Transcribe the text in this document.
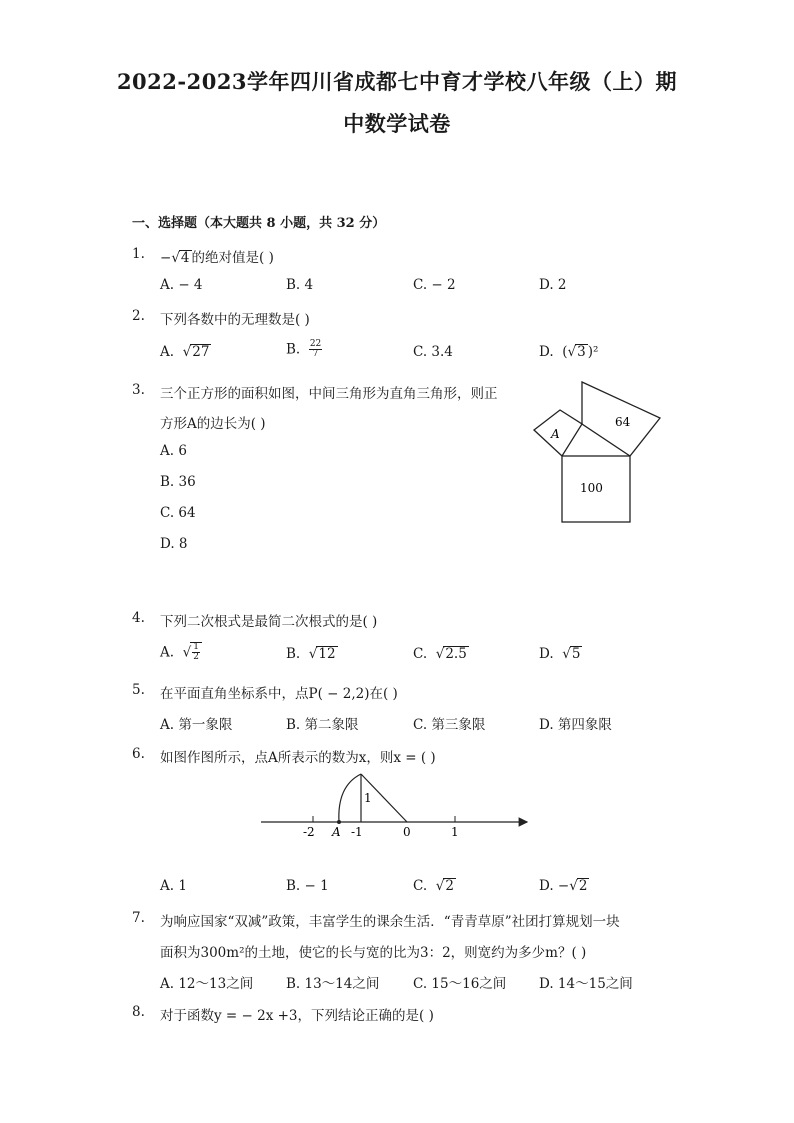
2022-2023学年四川省成都七中育才学校八年级（上）期
中数学试卷
一、选择题（本大题共 8 小题，共 32 分）
1. −√4 的绝对值是( )
A. − 4	B. 4	C. − 2	D. 2
2. 下列各数中的无理数是( )
A.  √27	B. $\frac{22}{7}$	C. 3.4	D. (√3 )²
3. 三个正方形的面积如图，中间三角形为直角三角形，则正
方形A的边长为( )
A. 6
B. 36
C. 64
D. 8
A
64
100
4. 下列二次根式是最简二次根式的是( )
A.  √ $\frac{1}{2}$	B.  √12	C.  √2.5	D.  √5
5. 在平面直角坐标系中，点P( − 2,2)在( )
A. 第一象限	B. 第二象限	C. 第三象限	D. 第四象限
6. 如图作图所示，点A所表示的数为x，则x = ( )
1
-2 A -1	0	1
A. 1	B. − 1	C.  √2	D. −√2
7. 为响应国家“双减”政策，丰富学生的课余生活．“青青草原”社团打算规划一块
面积为300m²的土地，使它的长与宽的比为3：2，则宽约为多少m？( )
A. 12～13之间 B. 13～14之间 C. 15～16之间 D. 14～15之间
8. 对于函数y = − 2x +3，下列结论正确的是( )
